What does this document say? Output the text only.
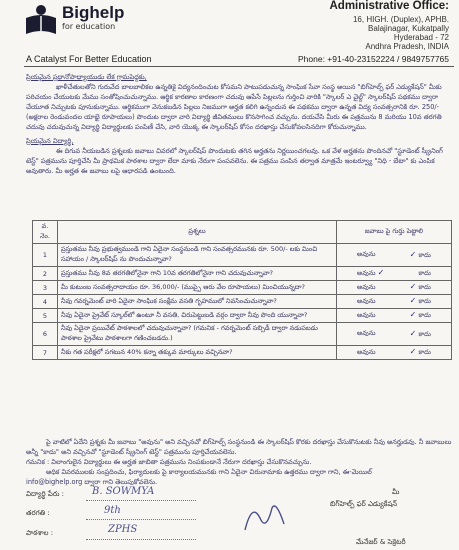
Bighelp
for education
Administrative Office:
16, HIGH. (Duplex), APHB.
Balajinagar, Kukatpally
Hyderabad - 72
Andhra Pradesh, INDIA
A Catalyst For Better Education	Phone: +91-40-23152224 / 9849757765

ప్రియమైన ప్రధానోపాధ్యాయుడు లేక గ్రామపెద్దకు,

ఖాళీచేతులతోని గురువేద బాలబాలికల ఉన్నతికై విద్యనందించుట కోసమని పాటుపడుచున్న సాంఘిక సేవా సంస్థ అయిన "బిగ్‌హెల్ప్ ఫర్ ఎడ్యుకేషన్" మీకు పరిచయం చేయుటకు మేము సంతోషించుచున్నాము. ఆర్థిక కారణాల కారణంగా చదువు ఆపేసే పిల్లలను గుర్తించి వారికి "స్కాలర్ ఎ చైల్డ్" స్కాలర్‌షిప్ పథకము ద్వారా చేయూత నిచ్చుటకు పూనుకున్నాము. ఆర్థికముగా వెనుకబడిన పిల్లలు నిజముగా అర్హత కలిగి ఉన్నందున ఈ పథకము ద్వారా ఉన్నత విద్య సంవత్సరానికి రూ. 250/- (అక్షరాల రెండువందల యాభై రూపాయలు) పొందుట ద్వారా వారి విద్యార్థి జీవితములు కొనసాగించ వచ్చును. దయచేసి మీరు ఈ పత్రమును 8 మరియు 10వ తరగతి చదువు చదువుచున్న విద్యార్థి విద్యార్థులకు పంపిణీ చేసి, వారి యొక్క ఈ స్కాలర్‌షిప్ కోసం దరఖాస్తు చేసుకోవలసినదిగా కోరుచున్నాము.

ప్రియమైన విద్యార్థి,

ఈ దిగువ నీయబడిన ప్రశ్నలకు జవాబు చివరలో స్కాలర్‌షిప్ పొందుటకు తగిన అర్హతను నిర్ణయించగలవు. ఒక వేళ అర్హతను పొందినచో "స్టూడెంట్ స్క్రీనింగ్ టెస్ట్" పత్రమును పూర్తిచేసి మీ ప్రాథమిక పాఠశాల ద్వారా లేదా మాకు నేరుగా పంపవలెను. ఈ పత్రము పంపిన తర్వాత మాత్రమే ఇంటర్వ్యూ "నిధి - బేటా" కు ఎంపిక అవుతారు. మీ అర్హత ఈ జవాబు లపై ఆధారపడి ఉంటుంది.

వ. నెం.	ప్రశ్నలు	జవాబు పై గుర్తు పెట్టాలి
1	ప్రస్తుతము నీవు ప్రభుత్వముండి గాని ఏదైనా సంస్థనుండి గాని సంవత్సరమునకు రూ. 500/- లకు మించి సహాయం / స్కాలర్‌షిప్ ను పొందుచున్నావా?	అవును ✓ కాదు

2	ప్రస్తుతము నీవు 8వ తరగతిలోనైనా గాని 10వ తరగతిలోనైనా గాని చదువుచున్నావా?	అవును ✓ కాదు

3	మీ కుటుంబ సంవత్సరాదాయం రూ. 36,000/- (ముప్పై ఆరు వేల రూపాయలు) మించియున్నదా?	అవును ✓ కాదు

4	నీవు గవర్నమెంట్ వారి ఏదైనా సాంఘిక సంక్షేమ వసతి గృహములో నివసించుచున్నావా?	అవును ✓ కాదు

5	నీవు ఏదైనా ప్రైవేట్ స్కూల్‌లో ఉంటూ నీ వసతి, చిరుపెట్టుబడి వర్గం ద్వారా నీవు పొంది యున్నావా?	అవును ✓ కాదు

6	నీవు ఏదైనా ప్రయివేట్ పాఠశాలలో చదువుచున్నావా? (గమనిక - గవర్నమెంట్ సబ్సిడీ ద్వారా నడుపబడు పాఠశాల ప్రైవేటు పాఠశాలగా గణించబడదు.)	అవును ✓ కాదు

7	నీకు గత పరీక్షలో సగటున 40% కన్నా తక్కువ మార్కులు వచ్చినవా?	అవును ✓ కాదు

పై వాటిలో ఏదేని ప్రశ్నకు మీ జవాబు "అవును" అని వచ్చినచో బిగ్‌హెల్ప్ సంస్థనుండి ఈ స్కాలర్‌షిప్ కొరకు దరఖాస్తు చేసుకొనుటకు నీవు అనర్హుడవు. నీ జవాబులు అన్నీ "కాదు" అని వచ్చినచో "స్టూడెంట్ స్క్రీనింగ్ టెస్ట్" పత్రమును పూర్తిచేయవలెను.

గమనిక : విలాంగులైన విద్యార్థులు ఈ అర్హత జాబితా పత్రమును నింపకుండానే నేరుగా దరఖాస్తు చేసుకొనవచ్చును.

అధిక వివరములకు సంప్రదించు, ఫిర్యాదులకు పై కార్యాలయమునకు గాని ఏదైనా చిరునామాకు ఉత్తరము ద్వారా గాని, ఈ-మెయిల్

info@bighelp.org ద్వారా గాని తెలుపుకోవలెను.

విద్యార్థి పేరు :	B. SOWMYA
తరగతి :	9th
పాఠశాల :	ZPHS
మీ
బిగ్‌హెల్ప్ ఫర్ ఎడ్యుకేషన్
మేనేజర్ & సెక్రెటరీ
